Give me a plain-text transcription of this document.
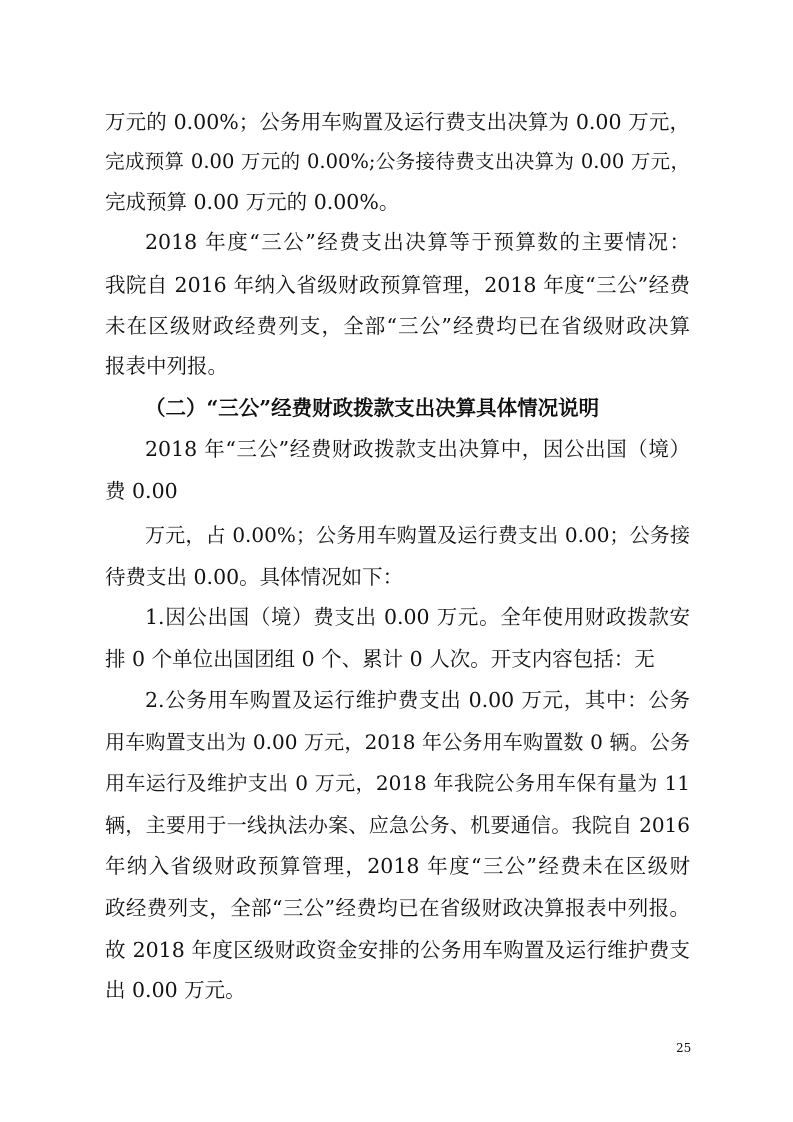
万元的 0.00%；公务用车购置及运行费支出决算为 0.00 万元，
完成预算 0.00 万元的 0.00%;公务接待费支出决算为 0.00 万元，
完成预算 0.00 万元的 0.00%。
2018 年度“三公”经费支出决算等于预算数的主要情况：
我院自 2016 年纳入省级财政预算管理，2018 年度“三公”经费
未在区级财政经费列支，全部“三公”经费均已在省级财政决算
报表中列报。
（二）“三公”经费财政拨款支出决算具体情况说明
2018 年“三公”经费财政拨款支出决算中，因公出国（境）
费 0.00
万元，占 0.00%；公务用车购置及运行费支出 0.00；公务接
待费支出 0.00。具体情况如下：
1.因公出国（境）费支出 0.00 万元。全年使用财政拨款安
排 0 个单位出国团组 0 个、累计 0 人次。开支内容包括：无
2.公务用车购置及运行维护费支出 0.00 万元，其中：公务
用车购置支出为 0.00 万元，2018 年公务用车购置数 0 辆。公务
用车运行及维护支出 0 万元，2018 年我院公务用车保有量为 11
辆，主要用于一线执法办案、应急公务、机要通信。我院自 2016
年纳入省级财政预算管理，2018 年度“三公”经费未在区级财
政经费列支，全部“三公”经费均已在省级财政决算报表中列报。
故 2018 年度区级财政资金安排的公务用车购置及运行维护费支
出 0.00 万元。
25
